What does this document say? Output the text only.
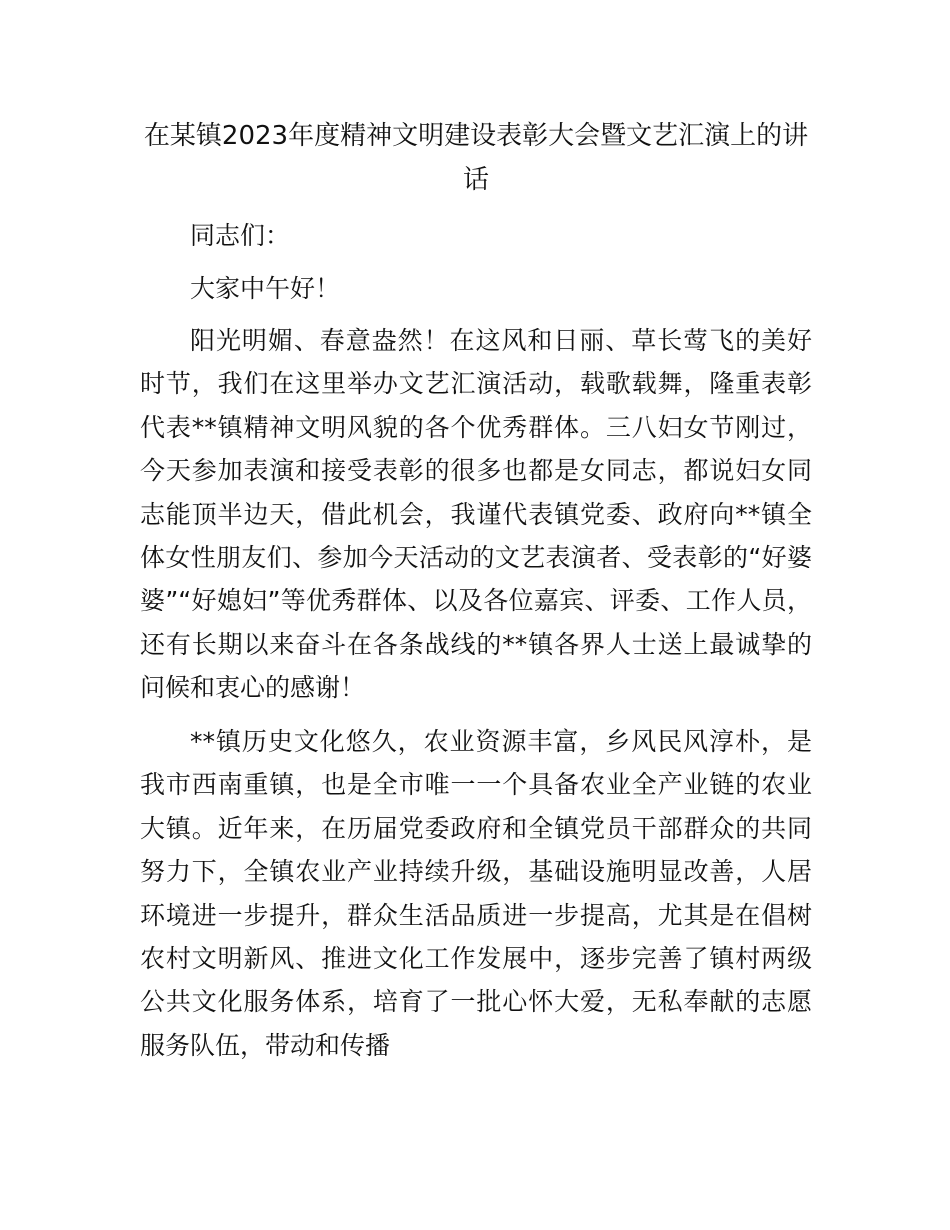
在某镇2023年度精神文明建设表彰大会暨文艺汇演上的讲话

同志们：

大家中午好！

阳光明媚、春意盎然！在这风和日丽、草长莺飞的美好时节，我们在这里举办文艺汇演活动，载歌载舞，隆重表彰代表**镇精神文明风貌的各个优秀群体。三八妇女节刚过，今天参加表演和接受表彰的很多也都是女同志，都说妇女同志能顶半边天，借此机会，我谨代表镇党委、政府向**镇全体女性朋友们、参加今天活动的文艺表演者、受表彰的“好婆婆”“好媳妇”等优秀群体、以及各位嘉宾、评委、工作人员，还有长期以来奋斗在各条战线的**镇各界人士送上最诚挚的问候和衷心的感谢！

**镇历史文化悠久，农业资源丰富，乡风民风淳朴，是我市西南重镇，也是全市唯一一个具备农业全产业链的农业大镇。近年来，在历届党委政府和全镇党员干部群众的共同努力下，全镇农业产业持续升级，基础设施明显改善，人居环境进一步提升，群众生活品质进一步提高，尤其是在倡树农村文明新风、推进文化工作发展中，逐步完善了镇村两级公共文化服务体系，培育了一批心怀大爱，无私奉献的志愿服务队伍，带动和传播
